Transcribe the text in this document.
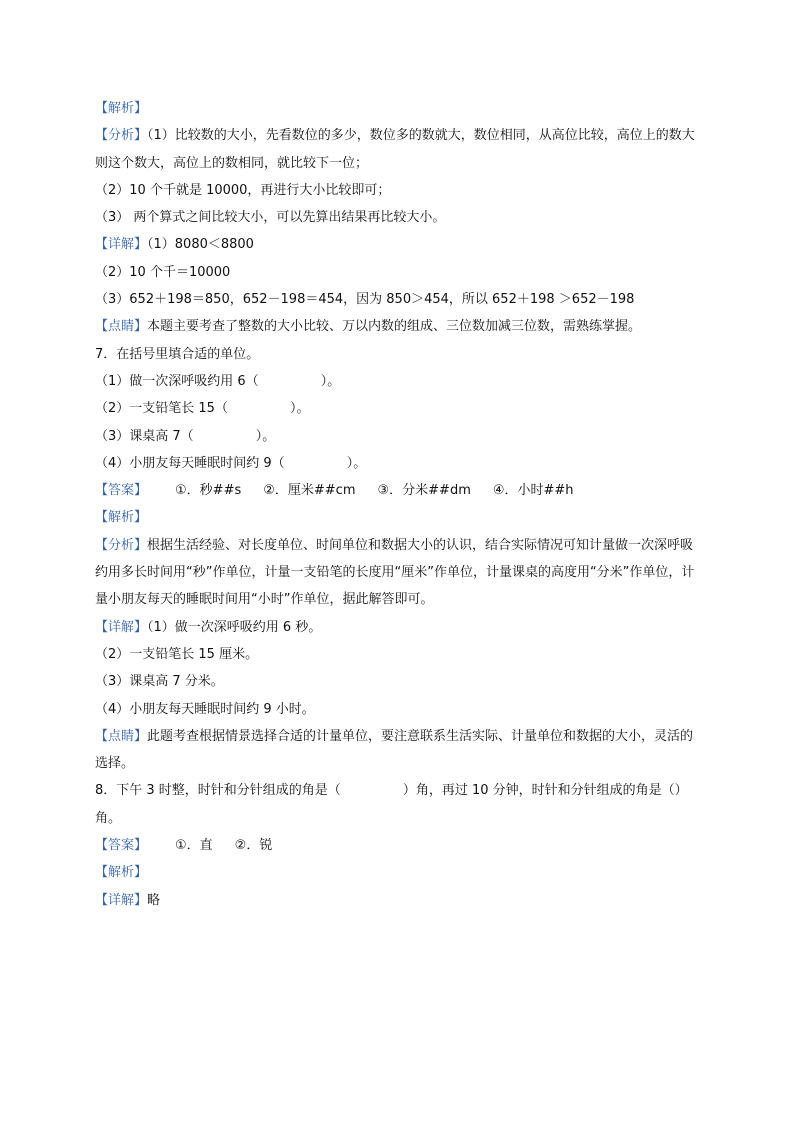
【解析】
【分析】（1）比较数的大小，先看数位的多少，数位多的数就大，数位相同，从高位比较，高位上的数大则这个数大，高位上的数相同，就比较下一位；
（2）10 个千就是 10000，再进行大小比较即可；
（3） 两个算式之间比较大小，可以先算出结果再比较大小。
【详解】（1）8080＜8800
（2）10 个千＝10000
（3）652＋198＝850，652－198＝454，因为 850＞454，所以 652＋198 ＞652－198
【点睛】本题主要考查了整数的大小比较、万以内数的组成、三位数加减三位数，需熟练掌握。
7．在括号里填合适的单位。
（1）做一次深呼吸约用 6（	）。
（2）一支铅笔长 15（	）。
（3）课桌高 7（	）。
（4）小朋友每天睡眠时间约 9（	）。
【答案】 ①．秒##s ②．厘米##cm ③．分米##dm ④．小时##h
【解析】
【分析】根据生活经验、对长度单位、时间单位和数据大小的认识，结合实际情况可知计量做一次深呼吸约用多长时间用“秒”作单位，计量一支铅笔的长度用“厘米”作单位，计量课桌的高度用“分米”作单位，计量小朋友每天的睡眠时间用“小时”作单位，据此解答即可。
【详解】（1）做一次深呼吸约用 6 秒。
（2）一支铅笔长 15 厘米。
（3）课桌高 7 分米。
（4）小朋友每天睡眠时间约 9 小时。
【点睛】此题考查根据情景选择合适的计量单位，要注意联系生活实际、计量单位和数据的大小，灵活的选择。
8．下午 3 时整，时针和分针组成的角是（	）角，再过 10 分钟，时针和分针组成的角是（）角。
【答案】 ①．直 ②．锐
【解析】
【详解】略
